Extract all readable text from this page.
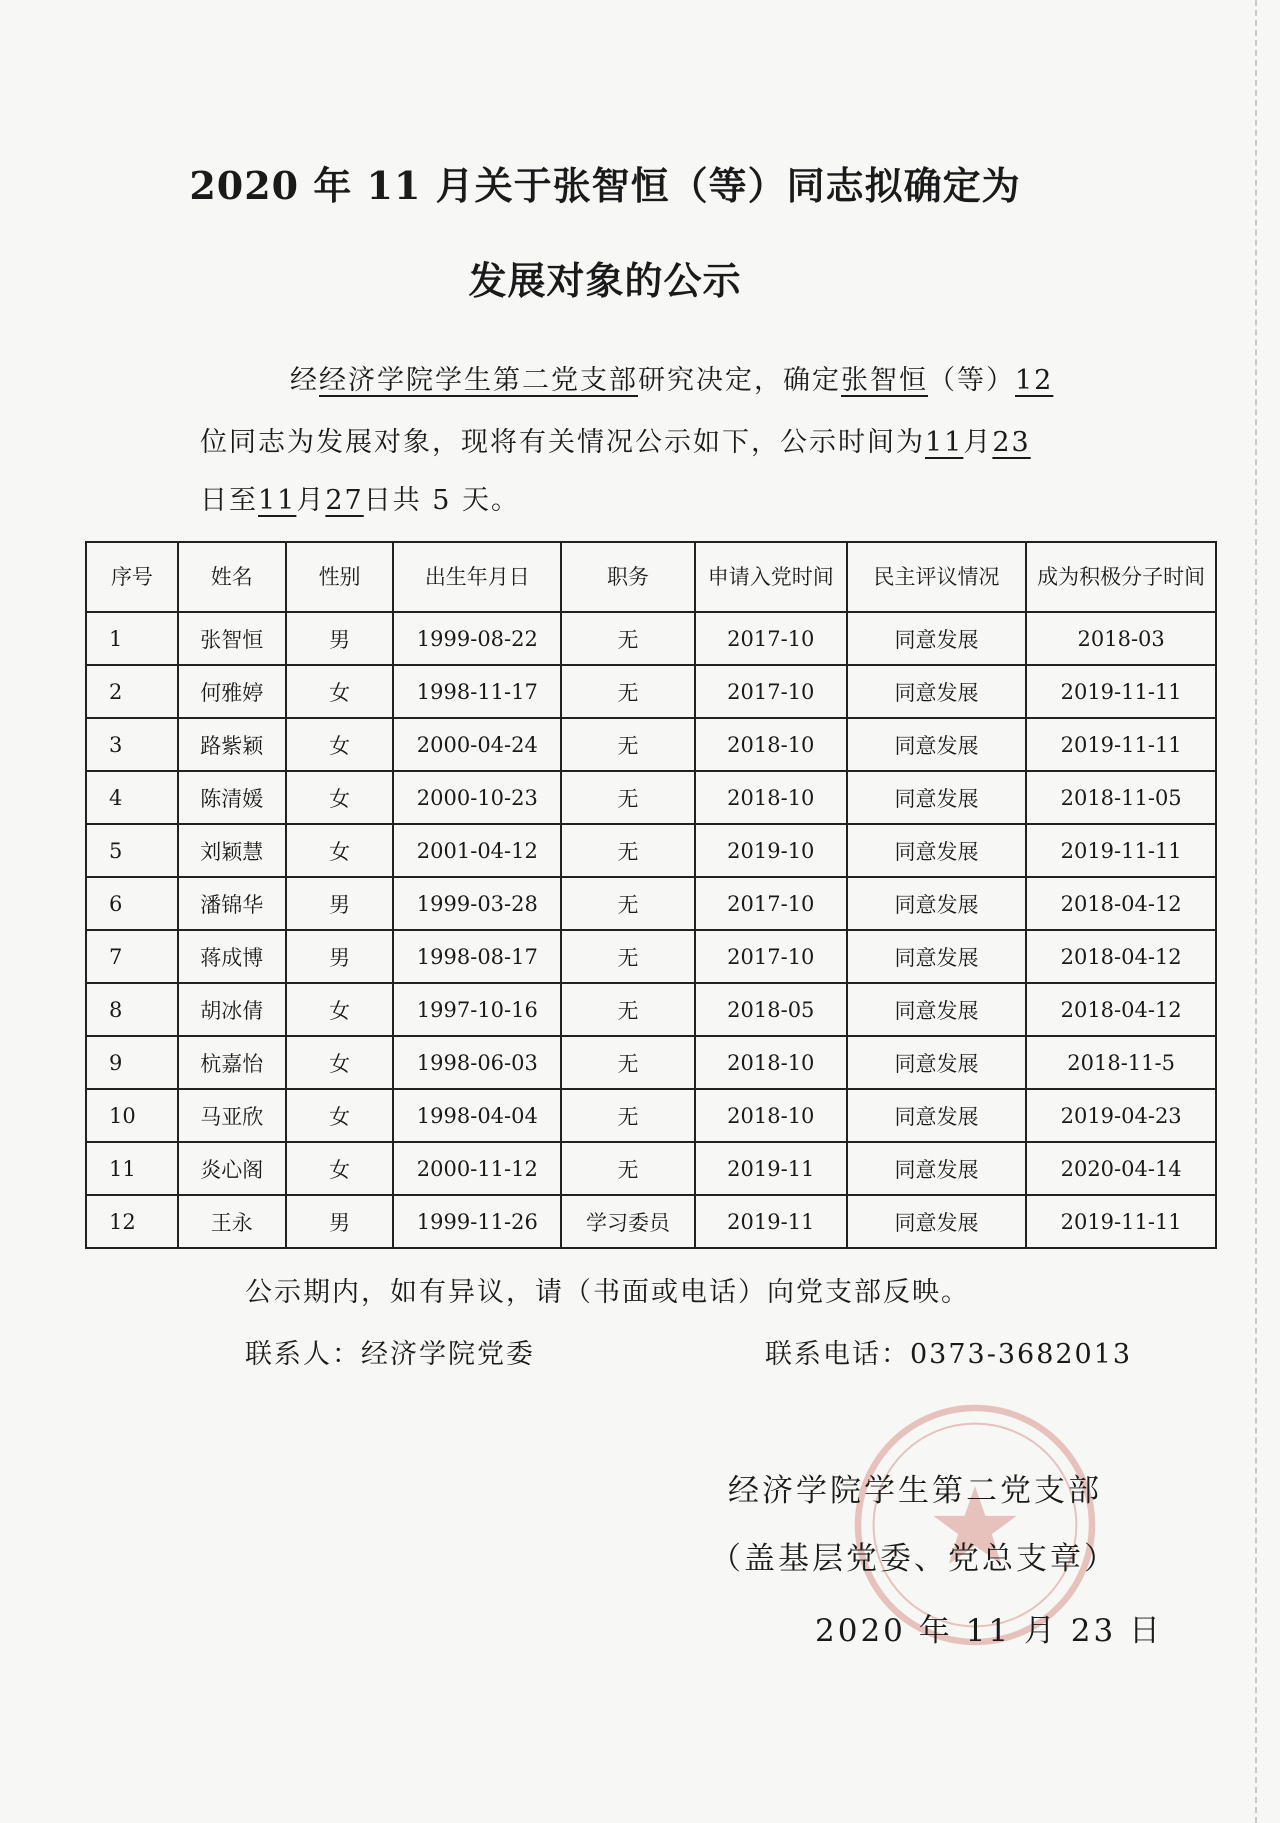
2020 年 11 月关于张智恒（等）同志拟确定为
发展对象的公示
经经济学院学生第二党支部研究决定，确定张智恒（等）12
位同志为发展对象，现将有关情况公示如下，公示时间为11月23
日至11月27日共 5 天。
序号	姓名	性别	出生年月日	职务	申请入党时间	民主评议情况	成为积极分子时间
1	张智恒	男	1999-08-22	无	2017-10	同意发展	2018-03
2	何雅婷	女	1998-11-17	无	2017-10	同意发展	2019-11-11
3	路紫颖	女	2000-04-24	无	2018-10	同意发展	2019-11-11
4	陈清媛	女	2000-10-23	无	2018-10	同意发展	2018-11-05
5	刘颖慧	女	2001-04-12	无	2019-10	同意发展	2019-11-11
6	潘锦华	男	1999-03-28	无	2017-10	同意发展	2018-04-12
7	蒋成博	男	1998-08-17	无	2017-10	同意发展	2018-04-12
8	胡冰倩	女	1997-10-16	无	2018-05	同意发展	2018-04-12
9	杭嘉怡	女	1998-06-03	无	2018-10	同意发展	2018-11-5
10	马亚欣	女	1998-04-04	无	2018-10	同意发展	2019-04-23
11	炎心阁	女	2000-11-12	无	2019-11	同意发展	2020-04-14
12	王永	男	1999-11-26	学习委员	2019-11	同意发展	2019-11-11
公示期内，如有异议，请（书面或电话）向党支部反映。
联系人：经济学院党委	联系电话：0373-3682013
经济学院学生第二党支部
（盖基层党委、党总支章）
2020 年 11 月 23 日
